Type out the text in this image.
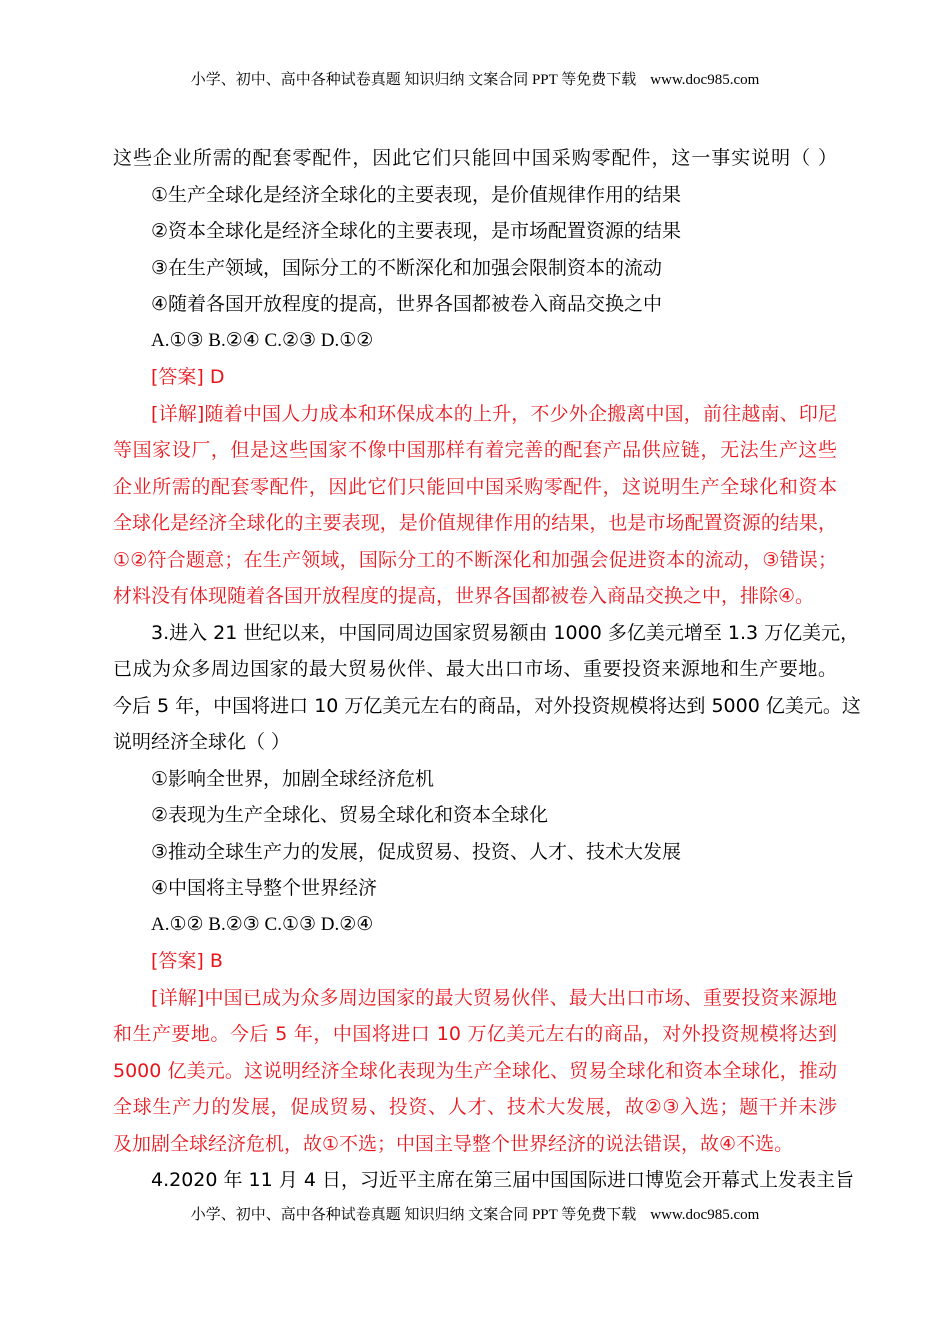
小学、初中、高中各种试卷真题 知识归纳 文案合同 PPT 等免费下载 www.doc985.com
这些企业所需的配套零配件，因此它们只能回中国采购零配件，这一事实说明（ ）
①生产全球化是经济全球化的主要表现，是价值规律作用的结果
②资本全球化是经济全球化的主要表现，是市场配置资源的结果
③在生产领域，国际分工的不断深化和加强会限制资本的流动
④随着各国开放程度的提高，世界各国都被卷入商品交换之中
A.①③ B.②④ C.②③ D.①②
[答案] D
[详解]随着中国人力成本和环保成本的上升，不少外企搬离中国，前往越南、印尼
等国家设厂，但是这些国家不像中国那样有着完善的配套产品供应链，无法生产这些
企业所需的配套零配件，因此它们只能回中国采购零配件，这说明生产全球化和资本
全球化是经济全球化的主要表现，是价值规律作用的结果，也是市场配置资源的结果，
①②符合题意；在生产领域，国际分工的不断深化和加强会促进资本的流动，③错误；
材料没有体现随着各国开放程度的提高，世界各国都被卷入商品交换之中，排除④。
3.进入 21 世纪以来，中国同周边国家贸易额由 1000 多亿美元增至 1.3 万亿美元，
已成为众多周边国家的最大贸易伙伴、最大出口市场、重要投资来源地和生产要地。
今后 5 年，中国将进口 10 万亿美元左右的商品，对外投资规模将达到 5000 亿美元。这
说明经济全球化（ ）
①影响全世界，加剧全球经济危机
②表现为生产全球化、贸易全球化和资本全球化
③推动全球生产力的发展，促成贸易、投资、人才、技术大发展
④中国将主导整个世界经济
A.①② B.②③ C.①③ D.②④
[答案] B
[详解]中国已成为众多周边国家的最大贸易伙伴、最大出口市场、重要投资来源地
和生产要地。今后 5 年，中国将进口 10 万亿美元左右的商品，对外投资规模将达到
5000 亿美元。这说明经济全球化表现为生产全球化、贸易全球化和资本全球化，推动
全球生产力的发展，促成贸易、投资、人才、技术大发展，故②③入选；题干并未涉
及加剧全球经济危机，故①不选；中国主导整个世界经济的说法错误，故④不选。
4.2020 年 11 月 4 日，习近平主席在第三届中国国际进口博览会开幕式上发表主旨
小学、初中、高中各种试卷真题 知识归纳 文案合同 PPT 等免费下载 www.doc985.com
